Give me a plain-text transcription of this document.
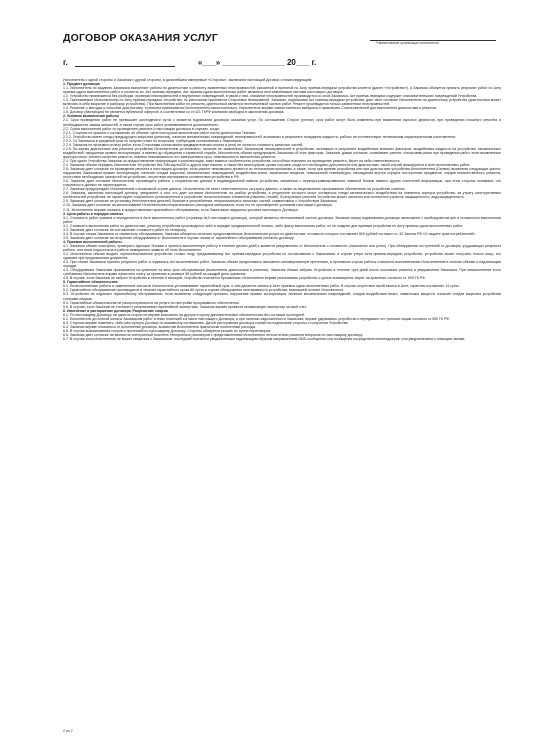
ДОГОВОР ОКАЗАНИЯ УСЛУГ	*Наименование организации исполнителя
г.	«___» ______________ 20___ г.

Исполнитель с одной стороны и Заказчик с другой стороны, в дальнейшем именуемые «Стороны», заключили настоящий Договор о нижеследующем:

1. Предмет договора

1.1. Исполнитель по заданию Заказчика выполняет работы по диагностике и ремонту заявленных неисправностей, указанной и принятой по Акту приема-передачи устройства клиента (далее «Устройство»), а Заказчик обязуется принять результат работ по Акту приема-сдачи выполненных работ и оплатить их. Акт приема-передачи, Акт приема-сдачи выполненных работ являются неотъемлемыми частями настоящего договора.

1.2. Устройство принимается без разборки, проверки неисправностей и внутренних повреждений, в связи с чем, описание неисправностей производится со слов Заказчика. Акт приема-передачи содержит описание внешних повреждений Устройства.

1.3. Принимаемое Исполнителем по Акту приема-передачи Устройство, по умолчанию признается Сторонами неисправной. Заказчик, подписывая Акт приема-передачи устройства, дает свое согласие Исполнителю на диагностику устройства (диагностика может включать в себя вскрытие и разборку устройства). При выполнении работ по ремонту, диагностика является неотъемлемой частью работ. Ремонт производится только заявленных неисправностей.

1.4. Решение о методах и способах диагностики, и ремонта принимаются Исполнителем самостоятельно. Исполнитель вправе самостоятельно выбирать и привлекать Соисполнителей для выполнения диагностики и ремонта.

1.5. Договор (Квитанция) не является публичной офертой, в соответствии со ст.421 ГКРФ компании свободна в заключении договора.

2. Условия выполнения работы

2.1. Срок проведения работ не превышает шестидесяти суток с момента подписания договора оказания услуг. По соглашению Сторон (устное) срок работ могут быть изменены при выявлении скрытых дефектов, при проведении сложного ремонта и необходимости заказа запчастей, в таком случае срок работ устанавливается дополнительно.

2.2. Сроки выполнения работ по проведению ремонта и настоящим договора в случаях, когда:

2.2.1. Стороны не пришли к соглашению об объеме, цене или сроках выполнения работ после диагностики Техники;

2.2.2. Устройство имеет следы предыдущего вскрытия (ремонта), наличие механических повреждений, неисправностей, возникших в результате попадания жидкости, работы не соответствуют техническим характеристикам изготовителя;

2.2.3. От Заказчика в разумный срок не получен ответ по вопросам, требующим согласования с Заказчиком;

2.2.4. Заказчик не произвел оплату работ, если Сторонами согласована предварительная оплата и (или) не оплатил стоимость запасных частей;

2.2.5. Во время диагностики или ремонта устройства Исполнителем установлено: наличие не заявленных Заказчиком неисправностей в устройстве, возникших в результате воздействия внешних факторов, воздействия жидкости на устройство, механических воздействий, нарушения правил эксплуатации, а именно до обращения к сервисной службе, Исполнитель обязан предупредить Заказчика об этих факторах. Заказчик, давая согласие, оплачивает ремонт, согласовав риски при проведении работ, если выявленные факторы могут снизить качество ремонта, повлечь невозможность его завершения в срок, невозможность выполнения ремонта.

2.3. При сдаче Устройства Заказчик за предоставление информации о комплектации, иных важных особенностях устройства, способных повлиять на проведение ремонта, берет на себя ответственность.

2.4. Заказчик обязан передать Исполнителю Устройство без SIM-карты/SD и других карт памяти, а также без аксессуаров, кроме случаев, когда это необходимо для ремонта или диагностики, такой случай фиксируется в Акте выполненных работ.

2.5. Заказчик дает согласие на проведение ремонта в настоящем договоре, если ремонт невозможно провести по техническим причинам, а также, если при приеме устройства или при диагностике устройства Исполнителем (Сервис) выявлены следующие факты: нарушения Заказчиком правил эксплуатации, наличие следов коррозии, механических повреждений, воздействия влаги, химических веществ, повышенной температуры, нахождения внутри корпуса посторонних предметов, следов некачественного ремонта, отсутствия необходимых запчастей на устройство, отсутствия сертификата соответствия устройства в РФ.

2.6. Заказчик дает согласие Исполнителю производить работы с сохранностью данных в индивидуальной памяти устройства, связанные с перепрограммированием, заменой блоков памяти, других носителей информации, при этом стороны понимают, что сохранность данных не гарантируется.

2.7. Заказчик предупрежден Исполнителем о возможной утрате данных. Исполнитель не несет ответственность за утрату данных, а также за лицензионное программное обеспечение на устройстве клиента.

2.8. Заказчик, заключая настоящий договор, уведомлен о том, что дает согласие Исполнителю на разбор устройства, в результате которого могут оставаться следы механического воздействия на элементы корпуса устройства, за утрату конструктивных особенностей устройства, не гарантируют сохранность установленных в устройстве технологических элементов (наклеек, пломб). В результате ремонта Устройство может частично или полностью утратить защищенность, водозащищенность.

2.9. Заказчик дает согласие на установку Исполнителем деталей, бывших в употреблении, неоригинальных запасных частей, совместимых с Устройством Заказчика.

2.10. Заказчик дает согласие на использование Исполнителем неоригинальных расходных материалов, если это не противоречит условиям настоящего договора.

2.11. Исполнитель вправе отказать в предоставлении гарантийного обслуживания, если Заказчиком нарушены условия настоящего Договора.

3. Цена работы и порядок оплаты

3.1. Стоимость работ указана и определяется в Акте выполненных работ (страница №3 настоящего договора), который является неотъемлемой частью договора. Заказчик перед подписанием договора ознакомлен с прейскурантом цен и стоимостью выполнения работ.

3.2. Стоимость выполнения работ по диагностике, ремонту устройства производится либо в порядке предварительной оплаты, либо факту выполнения работ, но не позднее дня приемки устройства по Акту приема-сдачи выполненных работ.

3.3. Заказчик дает согласие на составление стоимости работ по телефону.

3.4. В случае отказа Заказчика от сервисного обслуживания, Заказчик обязуется оплатить предоставленные Исполнителем услуги по диагностике, стоимость которых составляет 500 рублей согласно ст. 32 Закона РФ «О защите прав потребителей».

3.5. Заказчик дает согласие на получение оборудования от Исполнителя в случае отказа от гарантийного обслуживания согласно договору.

4. Приемка выполненной работы

4.1. Заказчик обязан осмотреть, проверить функции Техники и принять выполненную работу в течение десяти дней с момента уведомления от Исполнителя о готовности (письменно или устно). При обнаружении отступлений от договора, ухудшающих результат работы, или иных недостатков в работе немедленно заявить об этом Исполнителю.

4.2. Исполнитель обязан выдать отремонтированное устройство только лицу, предъявившему Акт приема-передачи устройства по согласованию с Заказчиком, в случае утери Акта приема-передачи устройство, устройство может получить только лицо, его сдавшее при предъявлении документа.

4.3. При отказе Заказчика принять результат работ и подписать Акт выполненных работ, Заказчик обязан предоставить письменно мотивированную претензию, в противном случае работы считаются выполненными Исполнителем в полном объеме и надлежащем порядке.

4.4. Оборудование Заказчика принимается на хранение на весь срок обслуживания (выполнения диагностики и ремонта). Заказчик обязан забрать Устройство в течение трех дней после окончания ремонта и уведомления Заказчика. При невыполнении этого требования Исполнитель вправе начислять плату за хранение в размере 50 рублей за каждый день хранения.

4.5. В случае, если Заказчик не забрал Устройство в течение 6 месяцев, Устройство считается брошенным, Исполнитель вправе реализовать устройство с целью возмещения затрат на хранение согласно ст. 899 ГК РФ.

5. Гарантийные обязательства

5.1. На выполненные работы и замененные запчасти Исполнитель устанавливает гарантийный срок, о чем делается запись в Акте приемки-сдачи выполненных работ. В случае отсутствия такой записи в Акте, гарантия составляет 14 суток.

5.2. Гарантийное обслуживание производится в течение гарантийного срока 60 суток в случае обнаружения неисправности устройства, возникшей по вине Исполнителя.

5.3. Устройство не подлежит гарантийному обслуживанию, если выявлены следующие причины: нарушение правил эксплуатации, наличие механических повреждений, следов воздействия влаги, химических веществ, наличие следов вскрытия устройства третьими лицами.

5.4. Гарантийные обязательства не распространяются на услуги по настройке программного обеспечения.

5.5. В случае, если Заказчик не согласен с результатами гарантийной экспертизы, Заказчик вправе провести независимую экспертизу за свой счет.

6. Изменение и расторжение договора. Разрешение споров

6.1. По настоящему Договору ни одна из сторон не вправе возложить на другую сторону дополнительные обязательства без согласия последней.

6.2. Исполнитель до полной оплаты Заказчиком работ и иных платежей согласно настоящего Договора, и при наличии задолженности Заказчика, вправе удерживать устройство и передавать его третьим лицам согласно ст.359 ГК РФ.

6.3. Стороны вправе изменить, либо расторгнуть Договор по взаимному соглашению. Датой расторжения договора считается подписание стороны о получении Устройства.

6.4. Заказчик вправе отказаться от исполнения договора, возместив Исполнителю фактически понесенные расходы.

6.5. В случае возникновения споров и претензий по настоящему Договору, Стороны обязуются решать их путем переговоров.

6.6. Заказчик дает согласие на звонки на электронный носитель телефонных разговоров с представителями Исполнителя относительно решения вопросов по настоящему договору.

6.7. В случае если Исполнитель не может связаться с Заказчиком, последний считается уведомленным надлежащим образом направлением SMS-сообщения или сообщения посредством мессенджеров, или уведомлением с помощью звонка.

2 из 2
